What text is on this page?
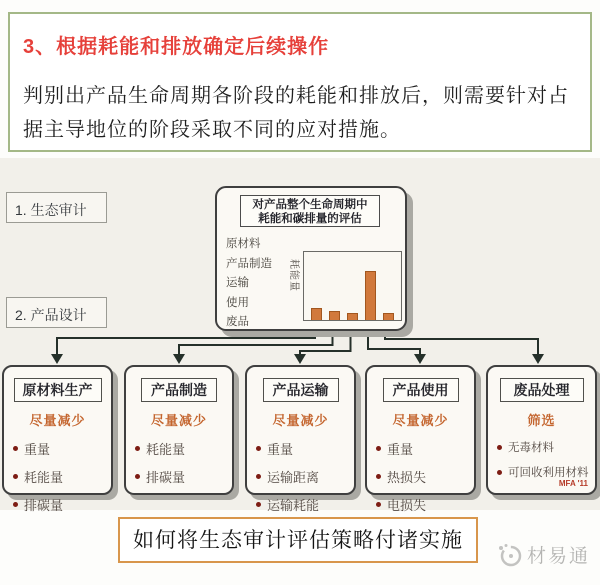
3、根据耗能和排放确定后续操作
判别出产品生命周期各阶段的耗能和排放后，则需要针对占据主导地位的阶段采取不同的应对措施。
1. 生态审计
2. 产品设计
对产品整个生命周期中
耗能和碳排量的评估
原材料
产品制造
运输
使用
废品
耗能量
原材料生产
尽量减少
重量
耗能量
排碳量
产品制造
尽量减少
耗能量
排碳量
产品运输
尽量减少
重量
运输距离
运输耗能
产品使用
尽量减少
重量
热损失
电损失
废品处理
筛选
无毒材料
可回收利用材料
MFA '11
如何将生态审计评估策略付诸实施
材易通
